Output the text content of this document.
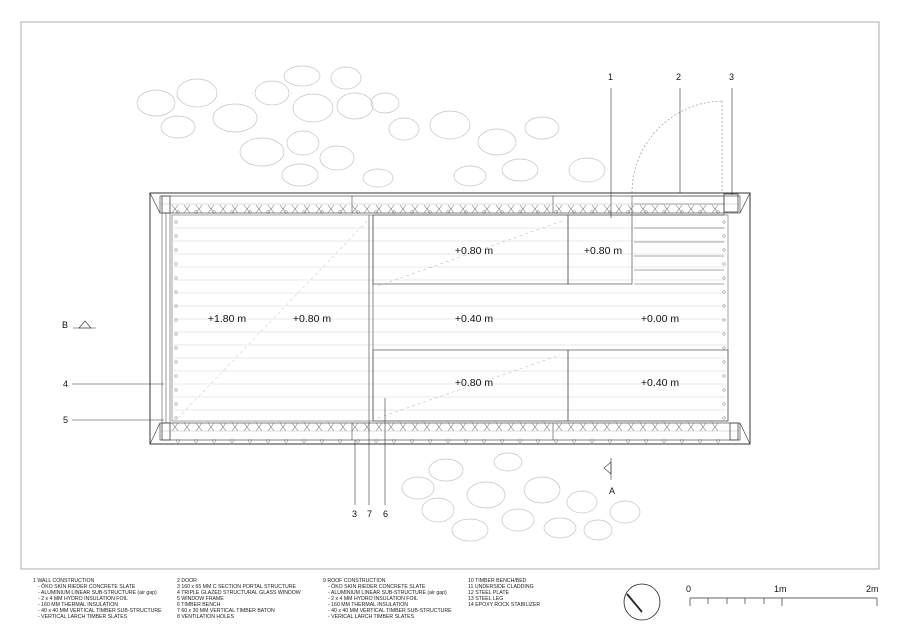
1	2	3
4
5
3 7 6
B
A
+1.80 m	+0.80 m
+0.80 m	+0.80 m
+0.40 m	+0.00 m
+0.80 m	+0.40 m
1 WALL CONSTRUCTION
- ÖKO SKIN RIEDER CONCRETE SLATE
- ALUMINIUM LINEAR SUB-STRUCTURE (air gap)
- 2 x 4 MM HYDRO INSULATION FOIL
- 160 MM THERMAL INSULATION
- 40 x 40 MM VERTICAL TIMBER SUB-STRUCTURE
- VERTICAL LARCH TIMBER SLATES
2 DOOR
3 160 x 65 MM C SECTION PORTAL STRUCTURE
4 TRIPLE GLAZED STRUCTURAL GLASS WINDOW
5 WINDOW FRAME
6 TIMBER BENCH
7 60 x 30 MM VERTICAL TIMBER BATON
8 VENTILATION HOLES
9 ROOF CONSTRUCTION
- ÖKO SKIN RIEDER CONCRETE SLATE
- ALUMINIUM LINEAR SUB-STRUCTURE (air gap)
- 2 x 4 MM HYDRO INSULATION FOIL
- 160 MM THERMAL INSULATION
- 40 x 40 MM VERTICAL TIMBER SUB-STRUCTURE
- VERICAL LARCH TIMBER SLATES
10 TIMBER BENCH/BED
11 UNDERSIDE CLADDING
12 STEEL PLATE
13 STEEL LEG
14 EPOXY ROCK STABILIZER
0	1m	2m
